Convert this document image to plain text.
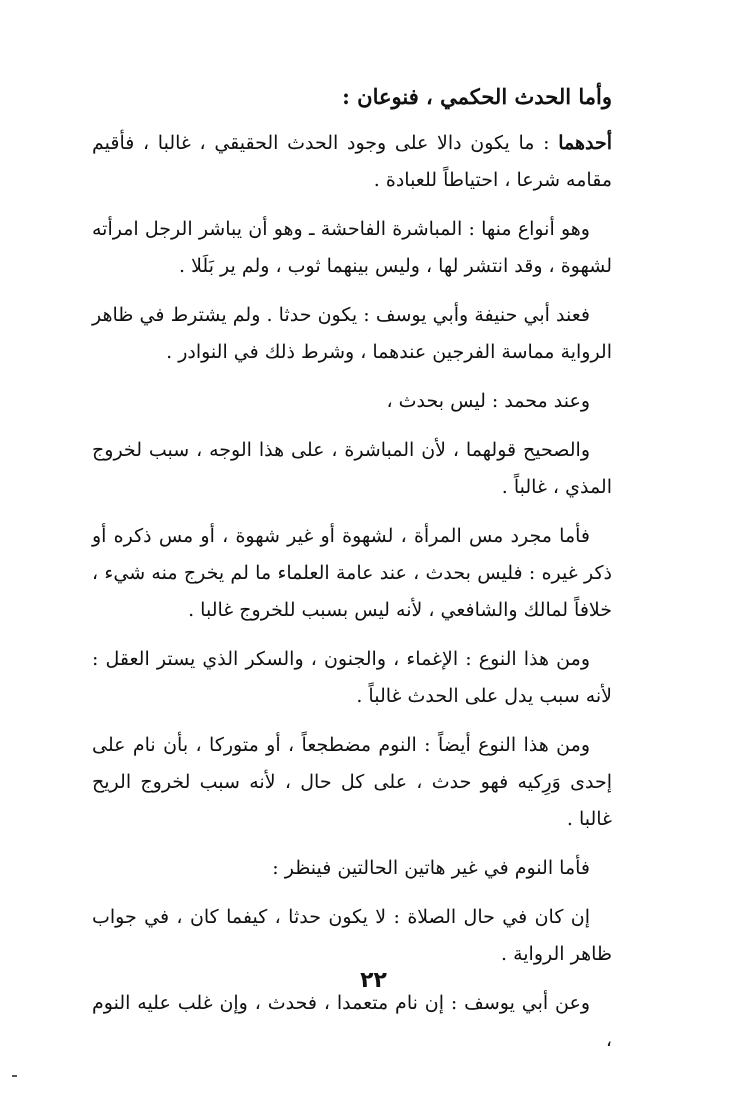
وأما الحدث الحكمي ، فنوعان :

أحدهما : ما يكون دالا على وجود الحدث الحقيقي ، غالبا ، فأقيم مقامه شرعا ، احتياطاً للعبادة .

وهو أنواع منها : المباشرة الفاحشة ـ وهو أن يباشر الرجل امرأته لشهوة ، وقد انتشر لها ، وليس بينهما ثوب ، ولم ير بَلَلا .

فعند أبي حنيفة وأبي يوسف : يكون حدثا . ولم يشترط في ظاهر الرواية مماسة الفرجين عندهما ، وشرط ذلك في النوادر .

وعند محمد : ليس بحدث ،

والصحيح قولهما ، لأن المباشرة ، على هذا الوجه ، سبب لخروج المذي ، غالباً .

فأما مجرد مس المرأة ، لشهوة أو غير شهوة ، أو مس ذكره أو ذكر غيره : فليس بحدث ، عند عامة العلماء ما لم يخرج منه شيء ، خلافاً لمالك والشافعي ، لأنه ليس بسبب للخروج غالبا .

ومن هذا النوع : الإغماء ، والجنون ، والسكر الذي يستر العقل : لأنه سبب يدل على الحدث غالباً .

ومن هذا النوع أيضاً : النوم مضطجعاً ، أو متوركا ، بأن نام على إحدى وَرِكيه فهو حدث ، على كل حال ، لأنه سبب لخروج الريح غالبا .

فأما النوم في غير هاتين الحالتين فينظر :

إن كان في حال الصلاة : لا يكون حدثا ، كيفما كان ، في جواب ظاهر الرواية .

وعن أبي يوسف : إن نام متعمدا ، فحدث ، وإن غلب عليه النوم ،

٢٢
